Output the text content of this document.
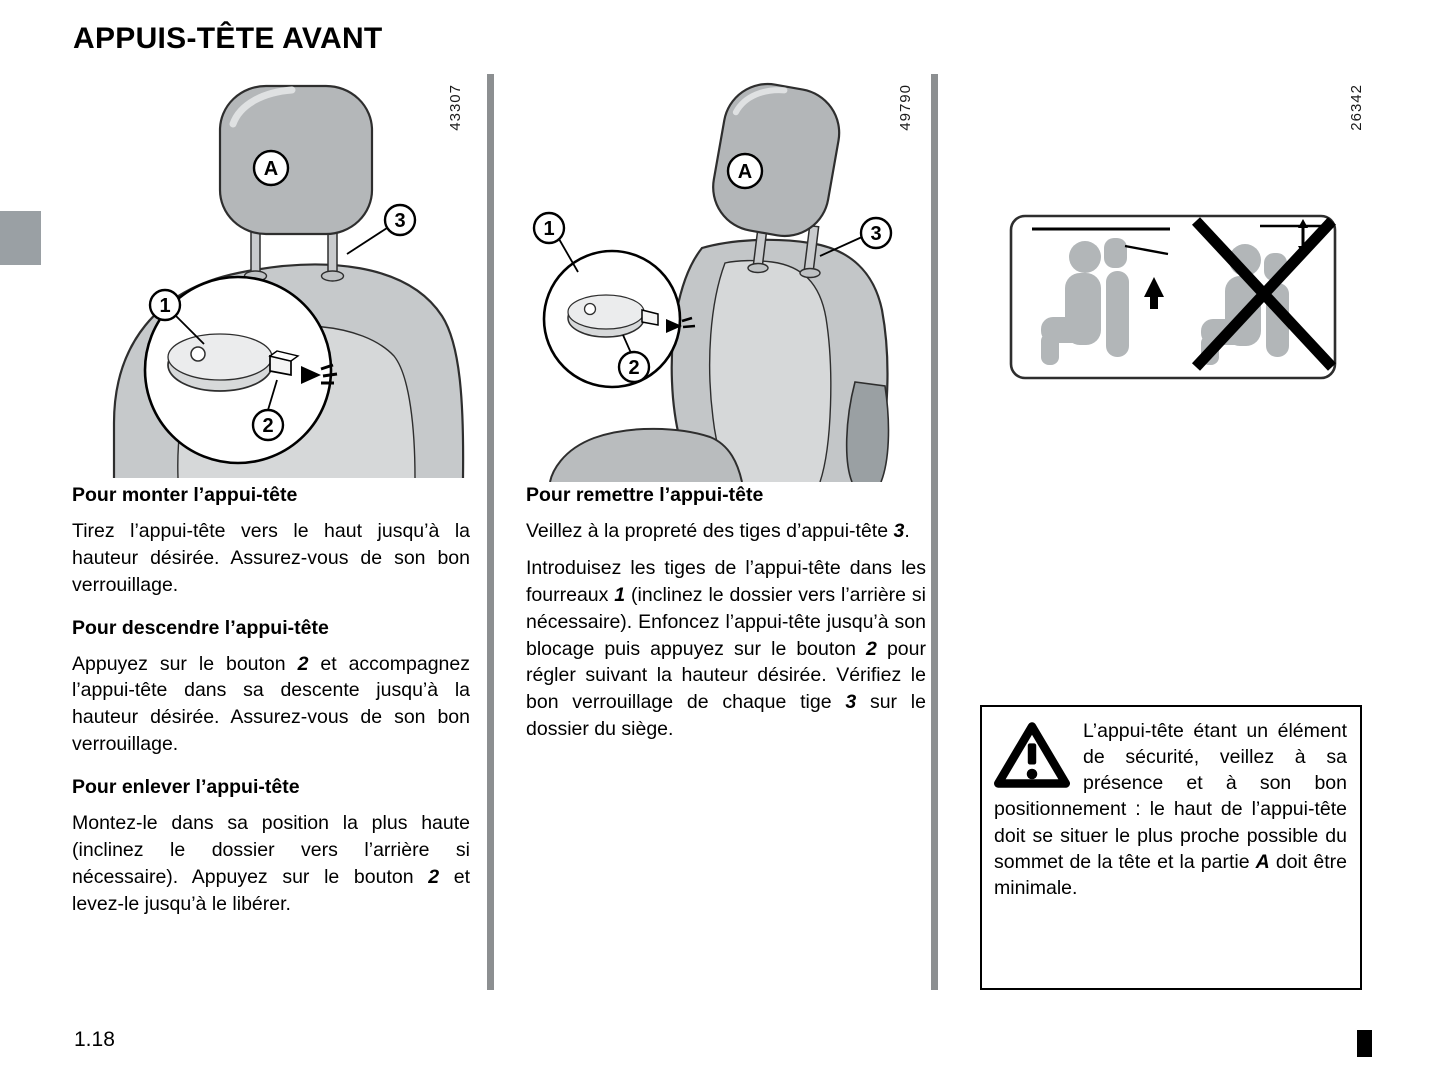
APPUIS-TÊTE AVANT
43307	49790	26342
A
1
2
3
A
1
2
3
Pour monter l’appui-tête

Tirez l’appui-tête vers le haut jusqu’à la hauteur désirée. Assurez-vous de son bon verrouillage.

Pour descendre l’appui-tête

Appuyez sur le bouton 2 et accompagnez l’appui-tête dans sa descente jusqu’à la hauteur désirée. Assurez-vous de son bon verrouillage.

Pour enlever l’appui-tête

Montez-le dans sa position la plus haute (inclinez le dossier vers l’arrière si nécessaire). Appuyez sur le bouton 2 et levez-le jusqu’à le libérer.

Pour remettre l’appui-tête

Veillez à la propreté des tiges d’appui-tête 3.

Introduisez les tiges de l’appui-tête dans les fourreaux 1 (inclinez le dossier vers l’arrière si nécessaire). Enfoncez l’appui-tête jusqu’à son blocage puis appuyez sur le bouton 2 pour régler suivant la hauteur désirée. Vérifiez le bon verrouillage de chaque tige 3 sur le dossier du siège.	L’appui-tête étant un élément de sécurité, veillez à sa présence et à son bon positionnement : le haut de l’appui-tête doit se situer le plus proche possible du sommet de la tête et la partie A doit être minimale.

1.18
